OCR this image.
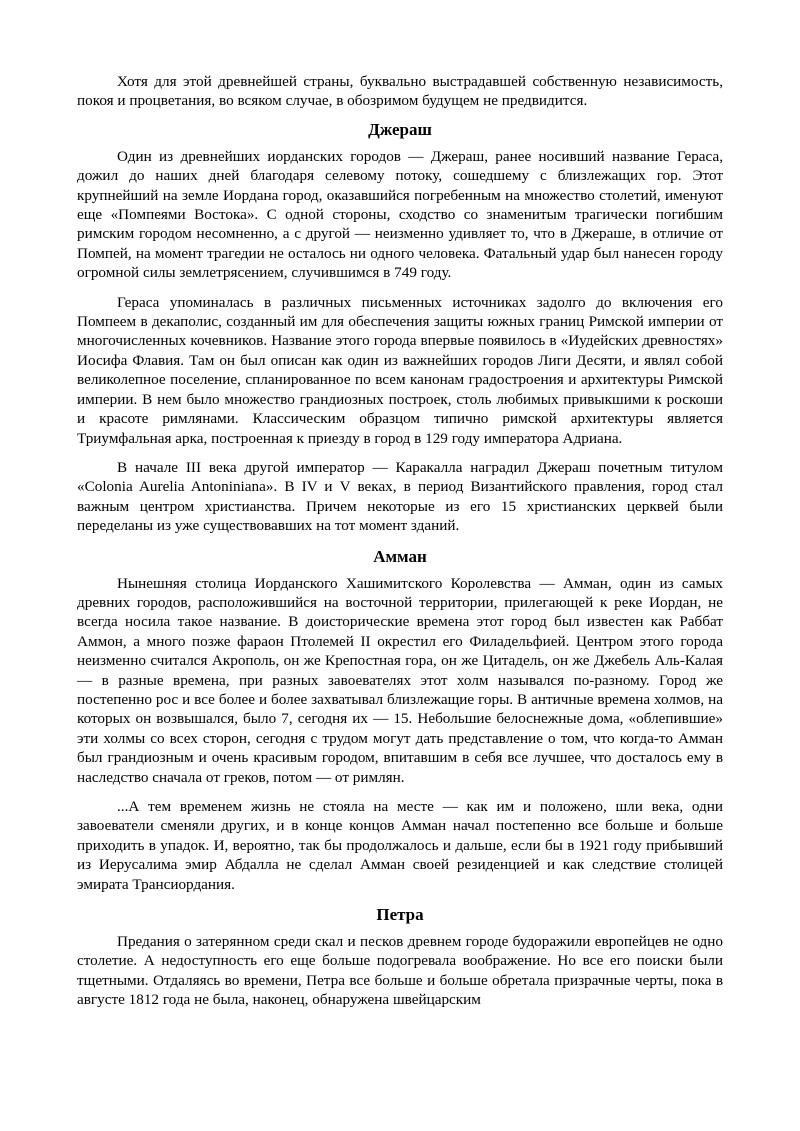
Хотя для этой древнейшей страны, буквально выстрадавшей собственную независимость, покоя и процветания, во всяком случае, в обозримом будущем не предвидится.

Джераш

Один из древнейших иорданских городов — Джераш, ранее носивший название Гераса, дожил до наших дней благодаря селевому потоку, сошедшему с близлежащих гор. Этот крупнейший на земле Иордана город, оказавшийся погребенным на множество столетий, именуют еще «Помпеями Востока». С одной стороны, сходство со знаменитым трагически погибшим римским городом несомненно, а с другой — неизменно удивляет то, что в Джераше, в отличие от Помпей, на момент трагедии не осталось ни одного человека. Фатальный удар был нанесен городу огромной силы землетрясением, случившимся в 749 году.

Гераса упоминалась в различных письменных источниках задолго до включения его Помпеем в декаполис, созданный им для обеспечения защиты южных границ Римской империи от многочисленных кочевников. Название этого города впервые появилось в «Иудейских древностях» Иосифа Флавия. Там он был описан как один из важнейших городов Лиги Десяти, и являл собой великолепное поселение, спланированное по всем канонам градостроения и архитектуры Римской империи. В нем было множество грандиозных построек, столь любимых привыкшими к роскоши и красоте римлянами. Классическим образцом типично римской архитектуры является Триумфальная арка, построенная к приезду в город в 129 году императора Адриана.

В начале III века другой император — Каракалла наградил Джераш почетным титулом «Colonia Aurelia Antoniniana». В IV и V веках, в период Византийского правления, город стал важным центром христианства. Причем некоторые из его 15 христианских церквей были переделаны из уже существовавших на тот момент зданий.

Амман

Нынешняя столица Иорданского Хашимитского Королевства — Амман, один из самых древних городов, расположившийся на восточной территории, прилегающей к реке Иордан, не всегда носила такое название. В доисторические времена этот город был известен как Раббат Аммон, а много позже фараон Птолемей II окрестил его Филадельфией. Центром этого города неизменно считался Акрополь, он же Крепостная гора, он же Цитадель, он же Джебель Аль-Калая — в разные времена, при разных завоевателях этот холм назывался по-разному. Город же постепенно рос и все более и более захватывал близлежащие горы. В античные времена холмов, на которых он возвышался, было 7, сегодня их — 15. Небольшие белоснежные дома, «облепившие» эти холмы со всех сторон, сегодня с трудом могут дать представление о том, что когда-то Амман был грандиозным и очень красивым городом, впитавшим в себя все лучшее, что досталось ему в наследство сначала от греков, потом — от римлян.

...А тем временем жизнь не стояла на месте — как им и положено, шли века, одни завоеватели сменяли других, и в конце концов Амман начал постепенно все больше и больше приходить в упадок. И, вероятно, так бы продолжалось и дальше, если бы в 1921 году прибывший из Иерусалима эмир Абдалла не сделал Амман своей резиденцией и как следствие столицей эмирата Трансиордания.

Петра

Предания о затерянном среди скал и песков древнем городе будоражили европейцев не одно столетие. А недоступность его еще больше подогревала воображение. Но все его поиски были тщетными. Отдаляясь во времени, Петра все больше и больше обретала призрачные черты, пока в августе 1812 года не была, наконец, обнаружена швейцарским
